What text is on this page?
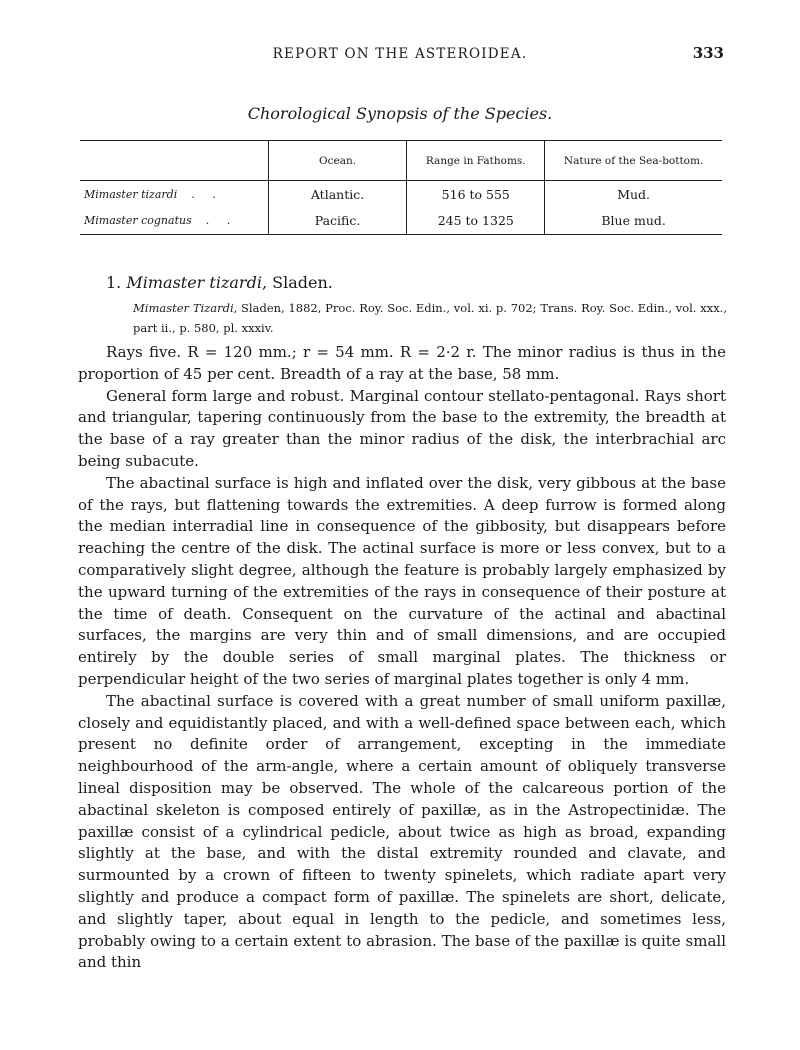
REPORT ON THE ASTEROIDEA.	333
Chorological Synopsis of the Species.
	Ocean.	Range in Fathoms.	Nature of the Sea-bottom.
Mimaster tizardi . .	Atlantic.	516 to 555	Mud.
Mimaster cognatus . .	Pacific.	245 to 1325	Blue mud.
1. Mimaster tizardi, Sladen.
Mimaster Tizardi, Sladen, 1882, Proc. Roy. Soc. Edin., vol. xi. p. 702; Trans. Roy. Soc. Edin., vol. xxx., part ii., p. 580, pl. xxxiv.

Rays five. R = 120 mm.; r = 54 mm. R = 2·2 r. The minor radius is thus in the proportion of 45 per cent. Breadth of a ray at the base, 58 mm.

General form large and robust. Marginal contour stellato-pentagonal. Rays short and triangular, tapering continuously from the base to the extremity, the breadth at the base of a ray greater than the minor radius of the disk, the interbrachial arc being subacute.

The abactinal surface is high and inflated over the disk, very gibbous at the base of the rays, but flattening towards the extremities. A deep furrow is formed along the median interradial line in consequence of the gibbosity, but disappears before reaching the centre of the disk. The actinal surface is more or less convex, but to a comparatively slight degree, although the feature is probably largely emphasized by the upward turning of the extremities of the rays in consequence of their posture at the time of death. Consequent on the curvature of the actinal and abactinal surfaces, the margins are very thin and of small dimensions, and are occupied entirely by the double series of small marginal plates. The thickness or perpendicular height of the two series of marginal plates together is only 4 mm.

The abactinal surface is covered with a great number of small uniform paxillæ, closely and equidistantly placed, and with a well-defined space between each, which present no definite order of arrangement, excepting in the immediate neighbourhood of the arm-angle, where a certain amount of obliquely transverse lineal disposition may be observed. The whole of the calcareous portion of the abactinal skeleton is composed entirely of paxillæ, as in the Astropectinidæ. The paxillæ consist of a cylindrical pedicle, about twice as high as broad, expanding slightly at the base, and with the distal extremity rounded and clavate, and surmounted by a crown of fifteen to twenty spinelets, which radiate apart very slightly and produce a compact form of paxillæ. The spinelets are short, delicate, and slightly taper, about equal in length to the pedicle, and sometimes less, probably owing to a certain extent to abrasion. The base of the paxillæ is quite small and thin
